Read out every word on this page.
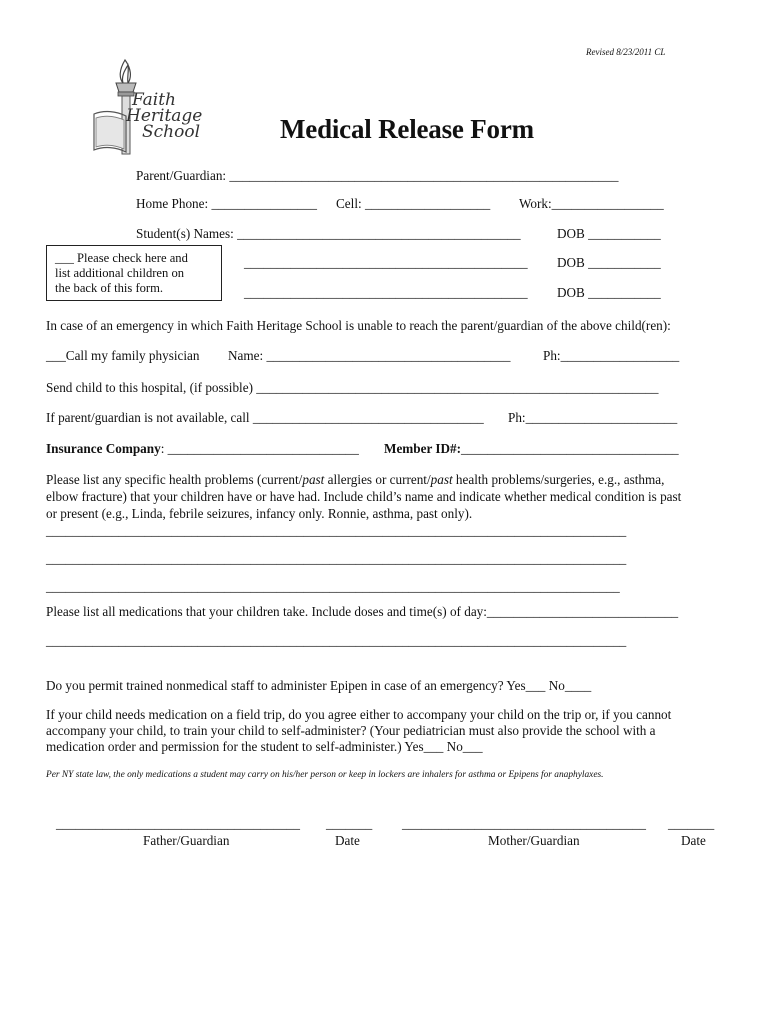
Revised 8/23/2011 CL
Faith
Heritage
School	Medical Release Form
Parent/Guardian: ___________________________________________________________
Home Phone: ________________ Cell: ___________________ Work:_________________
Student(s) Names: ___________________________________________	DOB ___________
___ Please check here and
list additional children on
the back of this form.
___________________________________________ DOB ___________
___________________________________________ DOB ___________
In case of an emergency in which Faith Heritage School is unable to reach the parent/guardian of the above child(ren):
___Call my family physician Name: _____________________________________ Ph:__________________
Send child to this hospital, (if possible) _____________________________________________________________
If parent/guardian is not available, call ___________________________________ Ph:_______________________
Insurance Company: _____________________________ Member ID#:_________________________________
Please list any specific health problems (current/past allergies or current/past health problems/surgeries, e.g., asthma,
elbow fracture) that your children have or have had. Include child’s name and indicate whether medical condition is past
or present (e.g., Linda, febrile seizures, infancy only. Ronnie, asthma, past only).
________________________________________________________________________________________
________________________________________________________________________________________
_______________________________________________________________________________________
Please list all medications that your children take. Include doses and time(s) of day:_____________________________
________________________________________________________________________________________
Do you permit trained nonmedical staff to administer Epipen in case of an emergency? Yes___ No____
If your child needs medication on a field trip, do you agree either to accompany your child on the trip or, if you cannot
accompany your child, to train your child to self-administer? (Your pediatrician must also provide the school with a
medication order and permission for the student to self-administer.) Yes___ No___
Per NY state law, the only medications a student may carry on his/her person or keep in lockers are inhalers for asthma or Epipens for anaphylaxes.
_____________________________________
Father/Guardian
_______
Date
_____________________________________
Mother/Guardian
_______
Date
